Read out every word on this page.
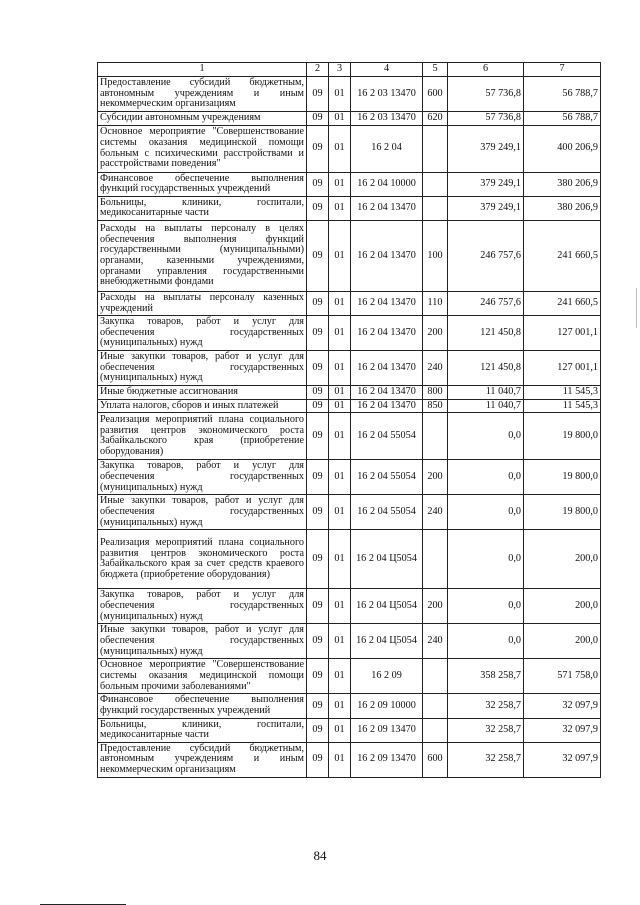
1	2	3	4	5	6	7
Предоставление субсидий бюджетным, автономным учреждениям и иным некоммерческим организациям	09	01	16 2 03 13470	600	57 736,8	56 788,7
Субсидии автономным учреждениям	09	01	16 2 03 13470	620	57 736,8	56 788,7
Основное мероприятие "Совершенствование системы оказания медицинской помощи больным с психическими расстройствами и расстройствами поведения"	09	01	16 2 04		379 249,1	400 206,9
Финансовое обеспечение выполнения функций государственных учреждений	09	01	16 2 04 10000		379 249,1	380 206,9
Больницы, клиники, госпитали, медикосанитарные части	09	01	16 2 04 13470		379 249,1	380 206,9
Расходы на выплаты персоналу в целях обеспечения выполнения функций государственными (муниципальными) органами, казенными учреждениями, органами управления государственными внебюджетными фондами	09	01	16 2 04 13470	100	246 757,6	241 660,5
Расходы на выплаты персоналу казенных учреждений	09	01	16 2 04 13470	110	246 757,6	241 660,5
Закупка товаров, работ и услуг для обеспечения государственных (муниципальных) нужд	09	01	16 2 04 13470	200	121 450,8	127 001,1
Иные закупки товаров, работ и услуг для обеспечения государственных (муниципальных) нужд	09	01	16 2 04 13470	240	121 450,8	127 001,1
Иные бюджетные ассигнования	09	01	16 2 04 13470	800	11 040,7	11 545,3
Уплата налогов, сборов и иных платежей	09	01	16 2 04 13470	850	11 040,7	11 545,3
Реализация мероприятий плана социального развития центров экономического роста Забайкальского края (приобретение оборудования)	09	01	16 2 04 55054		0,0	19 800,0
Закупка товаров, работ и услуг для обеспечения государственных (муниципальных) нужд	09	01	16 2 04 55054	200	0,0	19 800,0
Иные закупки товаров, работ и услуг для обеспечения государственных (муниципальных) нужд	09	01	16 2 04 55054	240	0,0	19 800,0
Реализация мероприятий плана социального развития центров экономического роста Забайкальского края за счет средств краевого бюджета (приобретение оборудования)	09	01	16 2 04 Ц5054		0,0	200,0
Закупка товаров, работ и услуг для обеспечения государственных (муниципальных) нужд	09	01	16 2 04 Ц5054	200	0,0	200,0
Иные закупки товаров, работ и услуг для обеспечения государственных (муниципальных) нужд	09	01	16 2 04 Ц5054	240	0,0	200,0
Основное мероприятие "Совершенствование системы оказания медицинской помощи больным прочими заболеваниями"	09	01	16 2 09		358 258,7	571 758,0
Финансовое обеспечение выполнения функций государственных учреждений	09	01	16 2 09 10000		32 258,7	32 097,9
Больницы, клиники, госпитали, медикосанитарные части	09	01	16 2 09 13470		32 258,7	32 097,9
Предоставление субсидий бюджетным, автономным учреждениям и иным некоммерческим организациям	09	01	16 2 09 13470	600	32 258,7	32 097,9
84
